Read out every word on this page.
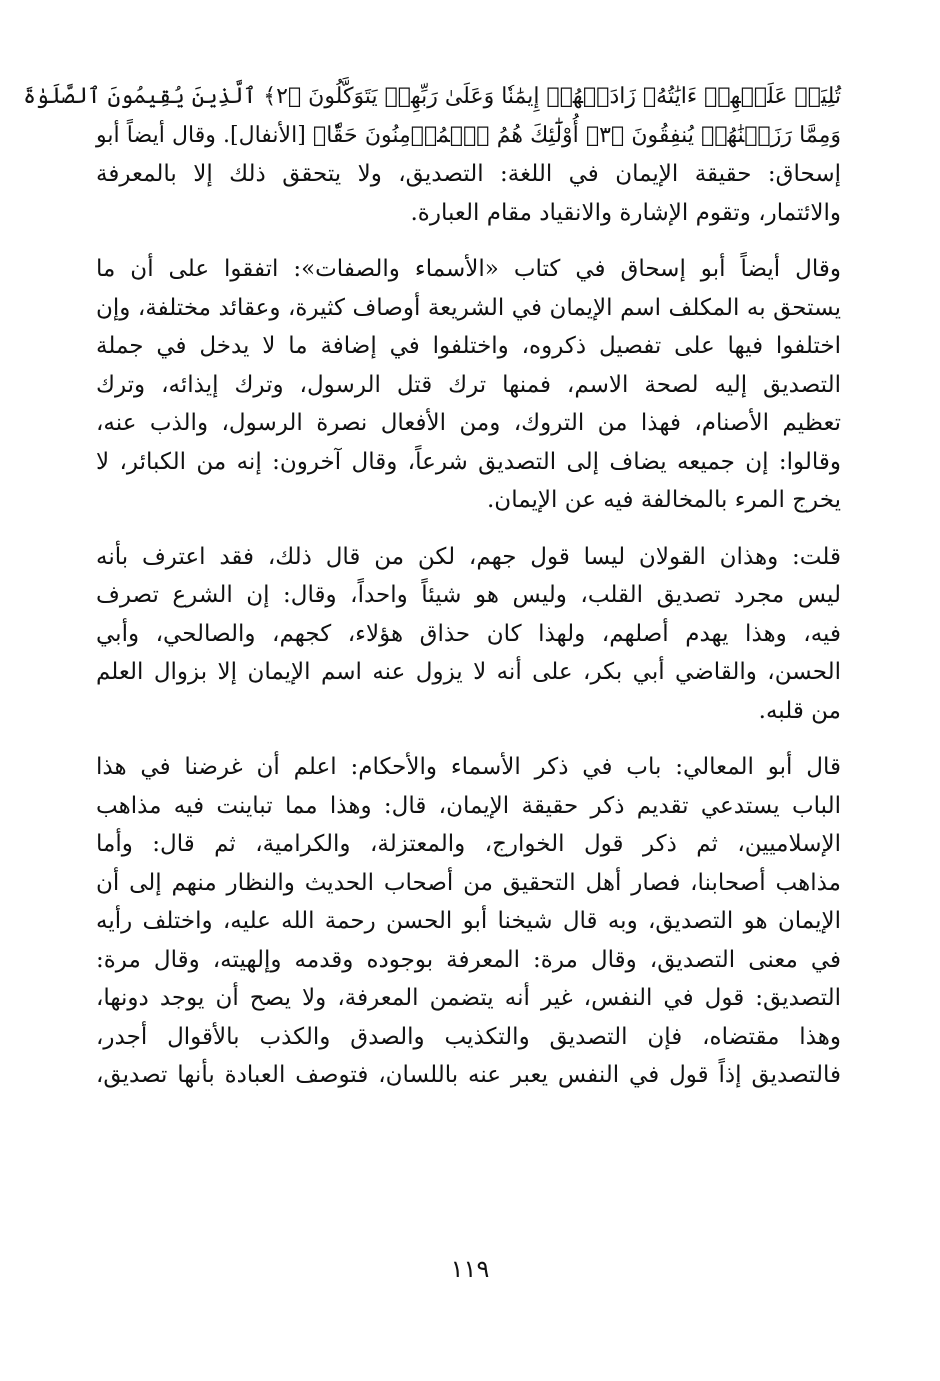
تُلِيَتۡ عَلَيۡهِمۡ ءَايَٰتُهُۥ زَادَتۡهُمۡ إِيمَٰنٗا وَعَلَىٰ رَبِّهِمۡ يَتَوَكَّلُونَ ﴿٢﴾ ٱلَّذِينَ يُقِيمُونَ ٱلصَّلَوٰةَ
وَمِمَّا رَزَقۡنَٰهُمۡ يُنفِقُونَ ﴿٣﴾ أُوْلَٰٓئِكَ هُمُ ٱلۡمُؤۡمِنُونَ حَقّٗا﴾ [الأنفال]. وقال أيضاً أبو
إسحاق: حقيقة الإيمان في اللغة: التصديق، ولا يتحقق ذلك إلا بالمعرفة
والائتمار، وتقوم الإشارة والانقياد مقام العبارة.
وقال أيضاً أبو إسحاق في كتاب «الأسماء والصفات»: اتفقوا على أن ما
يستحق به المكلف اسم الإيمان في الشريعة أوصاف كثيرة، وعقائد مختلفة، وإن
اختلفوا فيها على تفصيل ذكروه، واختلفوا في إضافة ما لا يدخل في جملة
التصديق إليه لصحة الاسم، فمنها ترك قتل الرسول، وترك إيذائه، وترك
تعظيم الأصنام، فهذا من التروك، ومن الأفعال نصرة الرسول، والذب عنه،
وقالوا: إن جميعه يضاف إلى التصديق شرعاً، وقال آخرون: إنه من الكبائر، لا
يخرج المرء بالمخالفة فيه عن الإيمان.
قلت: وهذان القولان ليسا قول جهم، لكن من قال ذلك، فقد اعترف بأنه
ليس مجرد تصديق القلب، وليس هو شيئاً واحداً، وقال: إن الشرع تصرف
فيه، وهذا يهدم أصلهم، ولهذا كان حذاق هؤلاء، كجهم، والصالحي، وأبي
الحسن، والقاضي أبي بكر، على أنه لا يزول عنه اسم الإيمان إلا بزوال العلم
من قلبه.
قال أبو المعالي: باب في ذكر الأسماء والأحكام: اعلم أن غرضنا في هذا
الباب يستدعي تقديم ذكر حقيقة الإيمان، قال: وهذا مما تباينت فيه مذاهب
الإسلاميين، ثم ذكر قول الخوارج، والمعتزلة، والكرامية، ثم قال: وأما
مذاهب أصحابنا، فصار أهل التحقيق من أصحاب الحديث والنظار منهم إلى أن
الإيمان هو التصديق، وبه قال شيخنا أبو الحسن رحمة الله عليه، واختلف رأيه
في معنى التصديق، وقال مرة: المعرفة بوجوده وقدمه وإلهيته، وقال مرة:
التصديق: قول في النفس، غير أنه يتضمن المعرفة، ولا يصح أن يوجد دونها،
وهذا مقتضاه، فإن التصديق والتكذيب والصدق والكذب بالأقوال أجدر،
فالتصديق إذاً قول في النفس يعبر عنه باللسان، فتوصف العبادة بأنها تصديق،
١١٩
